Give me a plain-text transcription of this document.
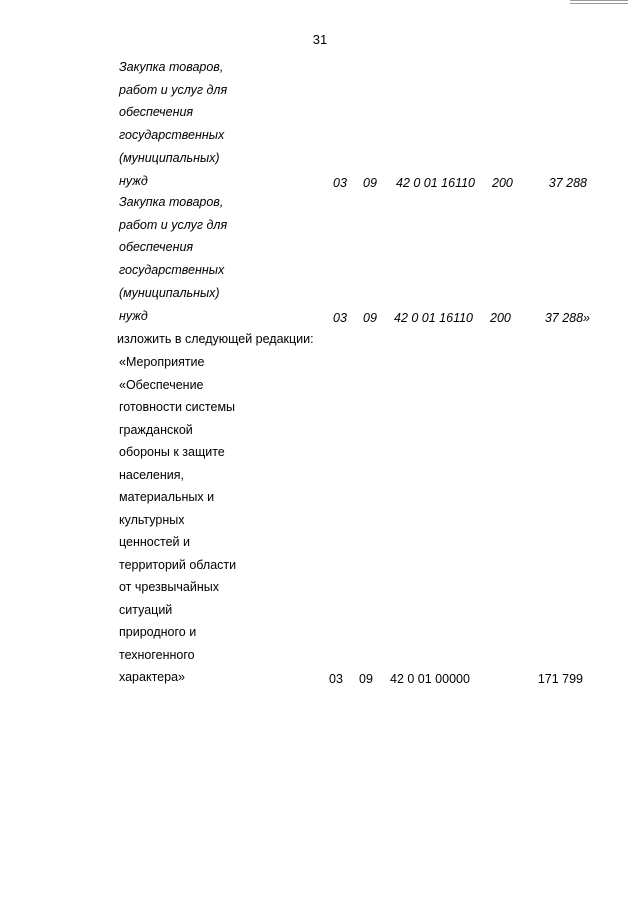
31
Закупка товаров,
работ и услуг для
обеспечения
государственных
(муниципальных)
нужд	03 09 42 0 01 16110 200	37 288
Закупка товаров,
работ и услуг для
обеспечения
государственных
(муниципальных)
нужд	03 09 42 0 01 16110 200	37 288»
изложить в следующей редакции:
«Мероприятие
«Обеспечение
готовности системы
гражданской
обороны к защите
населения,
материальных и
культурных
ценностей и
территорий области
от чрезвычайных
ситуаций
природного и
техногенного
характера»	03 09 42 0 01 00000	171 799
